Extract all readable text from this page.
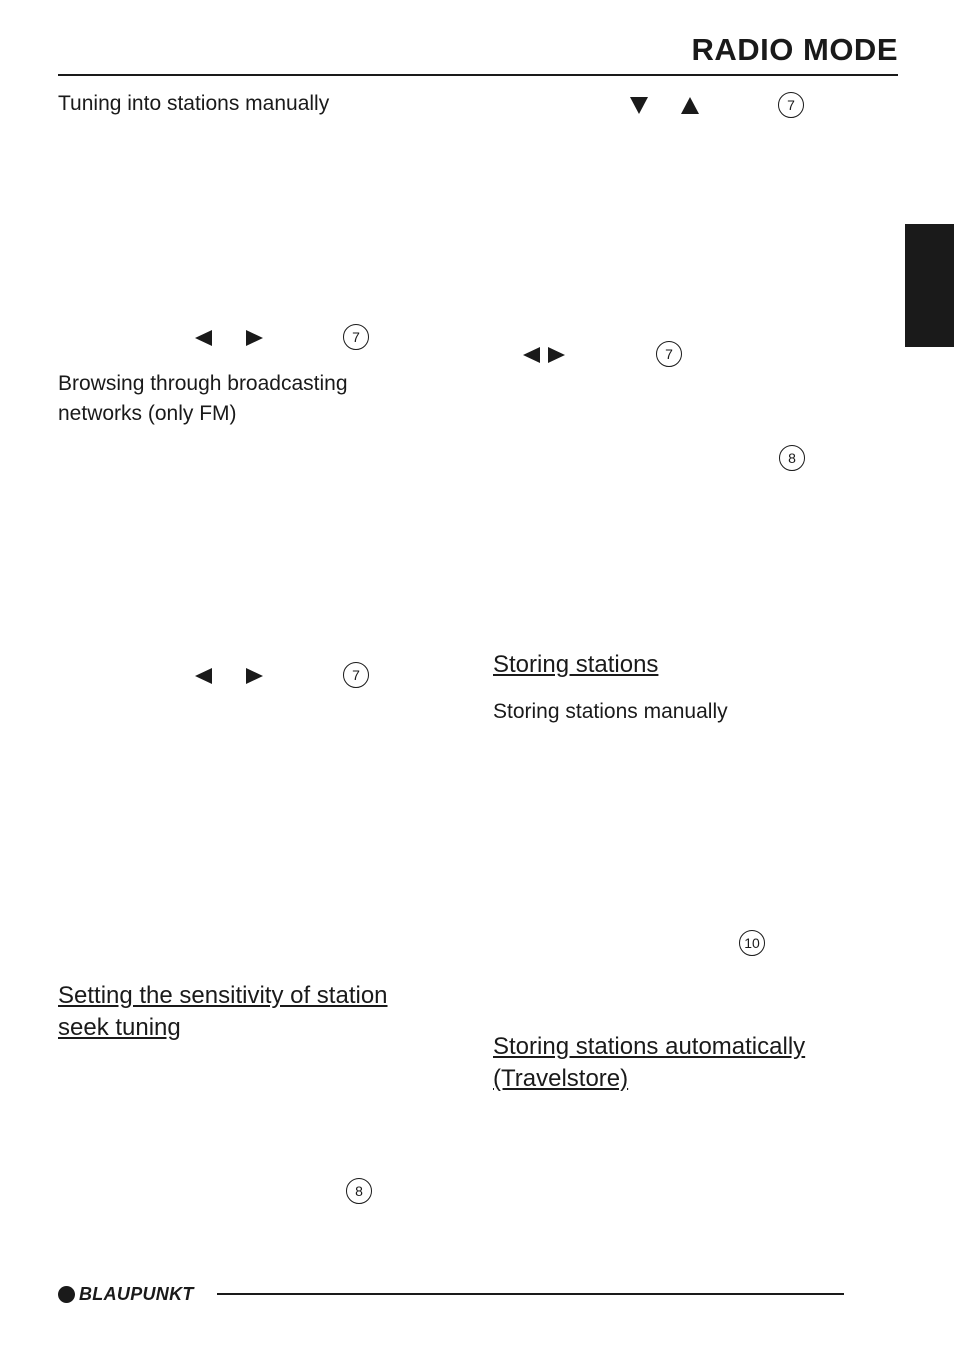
RADIO MODE
Tuning into stations manually
7
Browsing through broadcasting
networks (only FM)
7
Setting the sensitivity of station
seek tuning
8
7
7
8
Storing stations
Storing stations manually
10
Storing stations automatically
(Travelstore)
BLAUPUNKT
